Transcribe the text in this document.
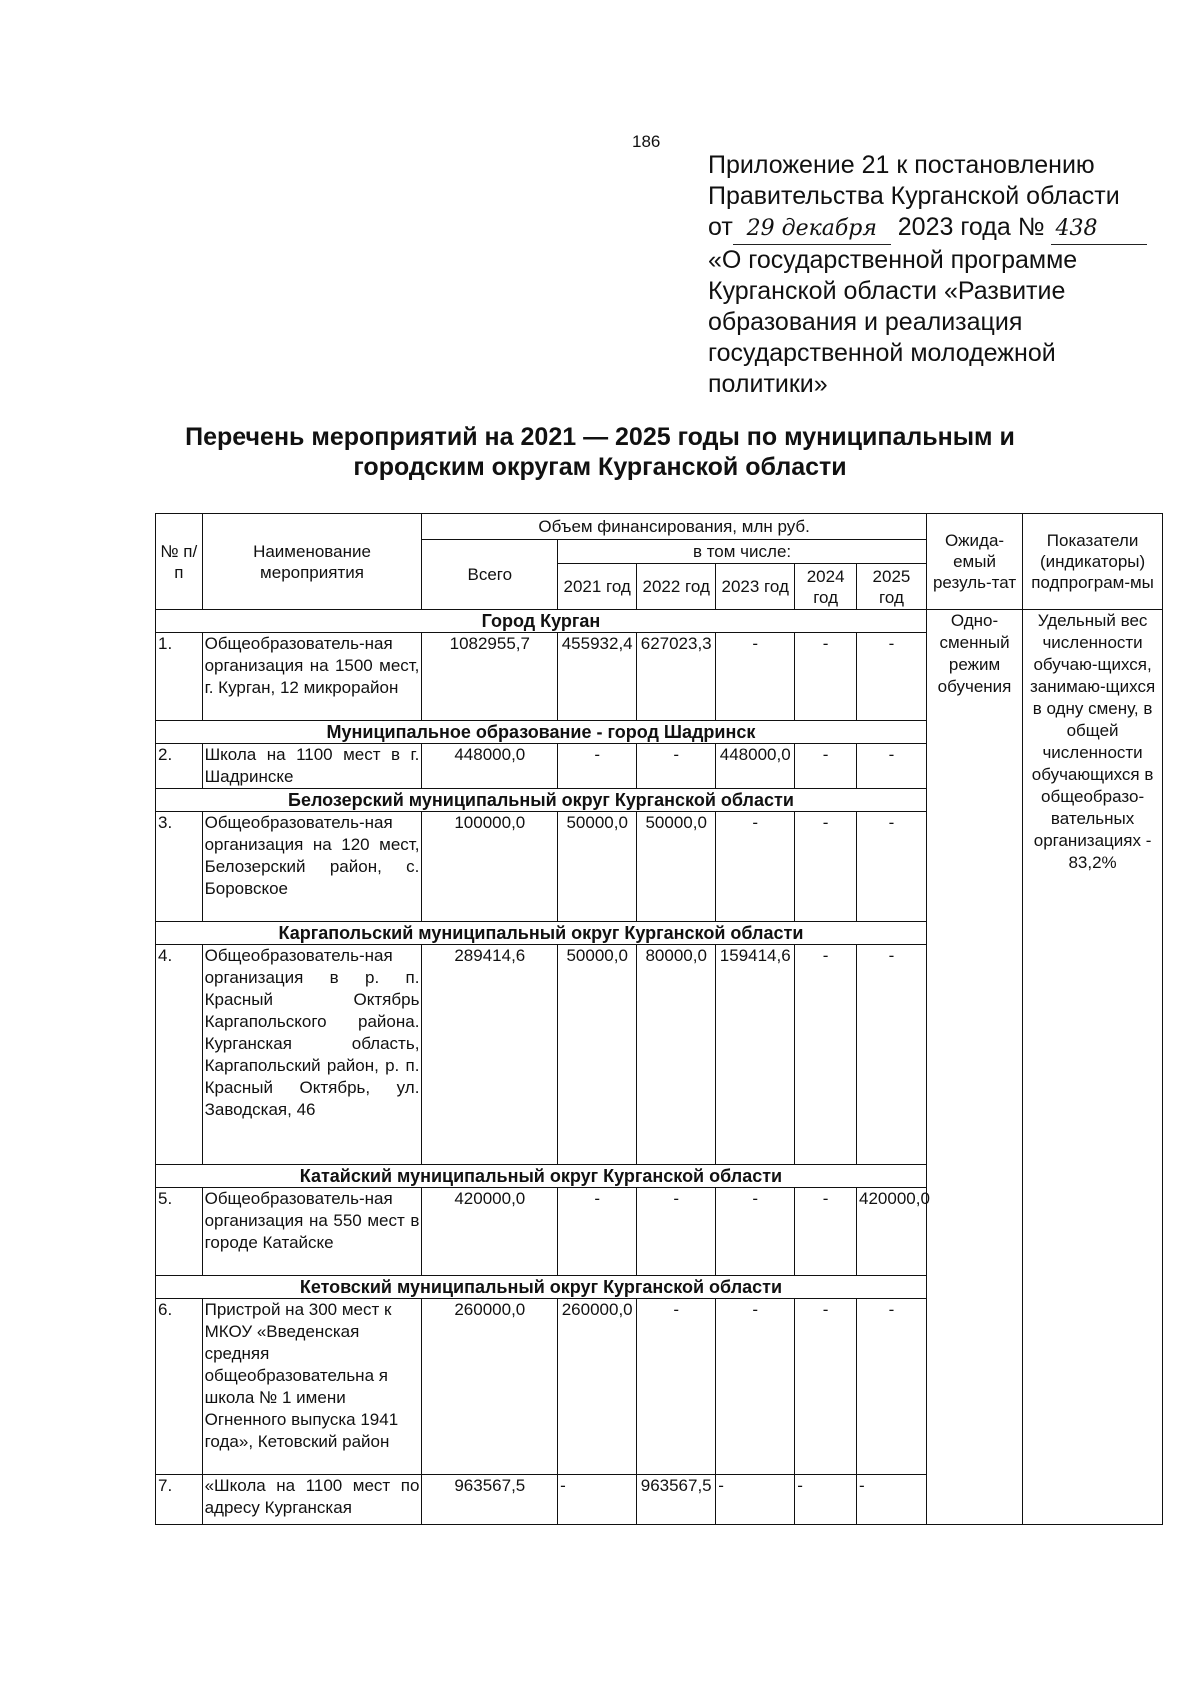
186
Приложение 21 к постановлению
Правительства Курганской области
от 29 декабря 2023 года № 438
«О государственной программе
Курганской области «Развитие
образования и реализация
государственной молодежной
политики»
Перечень мероприятий на 2021 — 2025 годы по муниципальным и
городским округам Курганской области
№ п/п	Наименование мероприятия	Объем финансирования, млн руб.						Ожида-емый резуль-тат	Показатели (индикаторы) подпрограм-мы
		Всего	в том числе:						
			2021 год	2022 год	2023 год	2024 год	2025 год		
Город Курган								Одно-сменный режим обучения	Удельный вес численности обучаю-щихся, занимаю-щихся в одну смену, в общей численности обучающихся в общеобразо-вательных организациях - 83,2%
1.	Общеобразователь-ная организация на 1500 мест, г. Курган, 12 микрорайон	1082955,7	455932,4	627023,3	-	-	-		
Муниципальное образование - город Шадринск									
2.	Школа на 1100 мест в г. Шадринске	448000,0	-	-	448000,0	-	-		
Белозерский муниципальный округ Курганской области									
3.	Общеобразователь-ная организация на 120 мест, Белозерский район, с. Боровское	100000,0	50000,0	50000,0	-	-	-		
Каргапольский муниципальный округ Курганской области									
4.	Общеобразователь-ная организация в р. п. Красный Октябрь Каргапольского района. Курганская область, Каргапольский район, р. п. Красный Октябрь, ул. Заводская, 46	289414,6	50000,0	80000,0	159414,6	-	-		
Катайский муниципальный округ Курганской области									
5.	Общеобразователь-ная организация на 550 мест в городе Катайске	420000,0	-	-	-	-	420000,0		
Кетовский муниципальный округ Курганской области									
6.	Пристрой на 300 мест к МКОУ «Введенская средняя общеобразовательна я школа № 1 имени Огненного выпуска 1941 года», Кетовский район	260000,0	260000,0	-	-	-	-		
7.	«Школа на 1100 мест по адресу Курганская	963567,5	-	963567,5	-	-	-		
